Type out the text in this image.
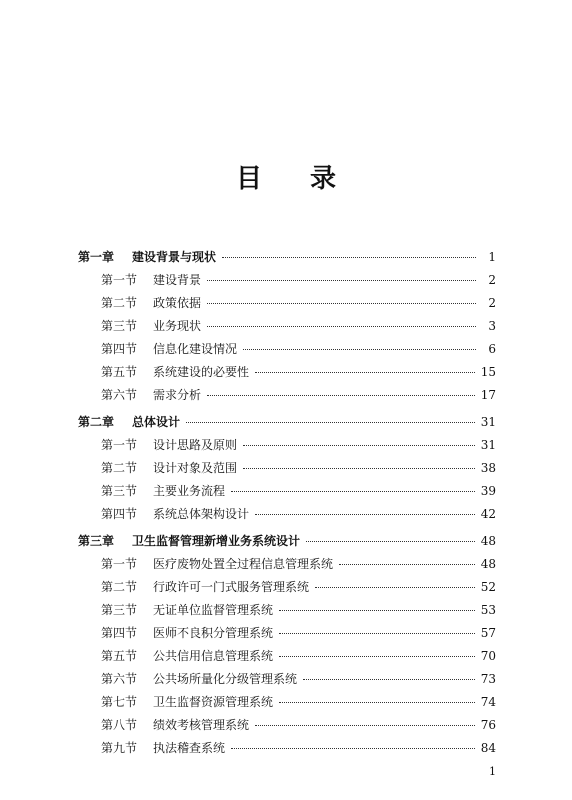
目 录
第一章	建设背景与现状	1
第一节	建设背景	2
第二节	政策依据	2
第三节	业务现状	3
第四节	信息化建设情况	6
第五节	系统建设的必要性	15
第六节	需求分析	17
第二章	总体设计	31
第一节	设计思路及原则	31
第二节	设计对象及范围	38
第三节	主要业务流程	39
第四节	系统总体架构设计	42
第三章	卫生监督管理新增业务系统设计	48
第一节	医疗废物处置全过程信息管理系统	48
第二节	行政许可一门式服务管理系统	52
第三节	无证单位监督管理系统	53
第四节	医师不良积分管理系统	57
第五节	公共信用信息管理系统	70
第六节	公共场所量化分级管理系统	73
第七节	卫生监督资源管理系统	74
第八节	绩效考核管理系统	76
第九节	执法稽查系统	84
1
